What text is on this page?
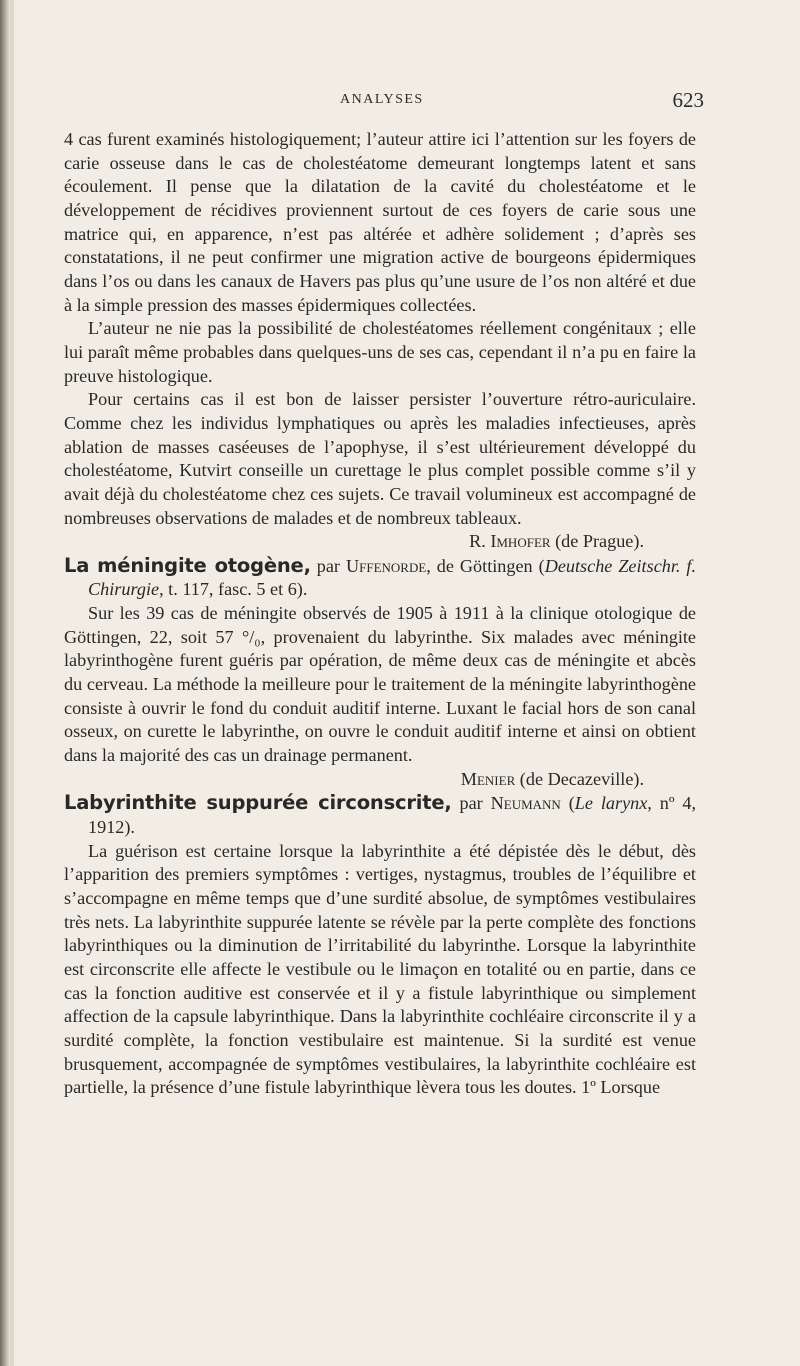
ANALYSES	623

4 cas furent examinés histologiquement; l’auteur attire ici l’attention sur les foyers de carie osseuse dans le cas de cholestéatome demeurant longtemps latent et sans écoulement. Il pense que la dilatation de la cavité du cholestéatome et le développement de récidives proviennent surtout de ces foyers de carie sous une matrice qui, en apparence, n’est pas altérée et adhère solidement ; d’après ses constatations, il ne peut confirmer une migration active de bourgeons épidermiques dans l’os ou dans les canaux de Havers pas plus qu’une usure de l’os non altéré et due à la simple pression des masses épidermiques collectées.

L’auteur ne nie pas la possibilité de cholestéatomes réellement congénitaux ; elle lui paraît même probables dans quelques-uns de ses cas, cependant il n’a pu en faire la preuve histologique.

Pour certains cas il est bon de laisser persister l’ouverture rétro-auriculaire. Comme chez les individus lymphatiques ou après les maladies infectieuses, après ablation de masses caséeuses de l’apophyse, il s’est ultérieurement développé du cholestéatome, Kutvirt conseille un curettage le plus complet possible comme s’il y avait déjà du cholestéatome chez ces sujets. Ce travail volumineux est accompagné de nombreuses observations de malades et de nombreux tableaux.

R. Imhofer (de Prague).

La méningite otogène, par Uffenorde, de Göttingen (Deutsche Zeitschr. f. Chirurgie, t. 117, fasc. 5 et 6).

Sur les 39 cas de méningite observés de 1905 à 1911 à la clinique otologique de Göttingen, 22, soit 57 °/₀, provenaient du labyrinthe. Six malades avec méningite labyrinthogène furent guéris par opération, de même deux cas de méningite et abcès du cerveau. La méthode la meilleure pour le traitement de la méningite labyrinthogène consiste à ouvrir le fond du conduit auditif interne. Luxant le facial hors de son canal osseux, on curette le labyrinthe, on ouvre le conduit auditif interne et ainsi on obtient dans la majorité des cas un drainage permanent.

Menier (de Decazeville).

Labyrinthite suppurée circonscrite, par Neumann (Le larynx, nº 4, 1912).

La guérison est certaine lorsque la labyrinthite a été dépistée dès le début, dès l’apparition des premiers symptômes : vertiges, nystagmus, troubles de l’équilibre et s’accompagne en même temps que d’une surdité absolue, de symptômes vestibulaires très nets. La labyrinthite suppurée latente se révèle par la perte complète des fonctions labyrinthiques ou la diminution de l’irritabilité du labyrinthe. Lorsque la labyrinthite est circonscrite elle affecte le vestibule ou le limaçon en totalité ou en partie, dans ce cas la fonction auditive est conservée et il y a fistule labyrinthique ou simplement affection de la capsule labyrinthique. Dans la labyrinthite cochléaire circonscrite il y a surdité complète, la fonction vestibulaire est maintenue. Si la surdité est venue brusquement, accompagnée de symptômes vestibulaires, la labyrinthite cochléaire est partielle, la présence d’une fistule labyrinthique lèvera tous les doutes. 1º Lorsque
